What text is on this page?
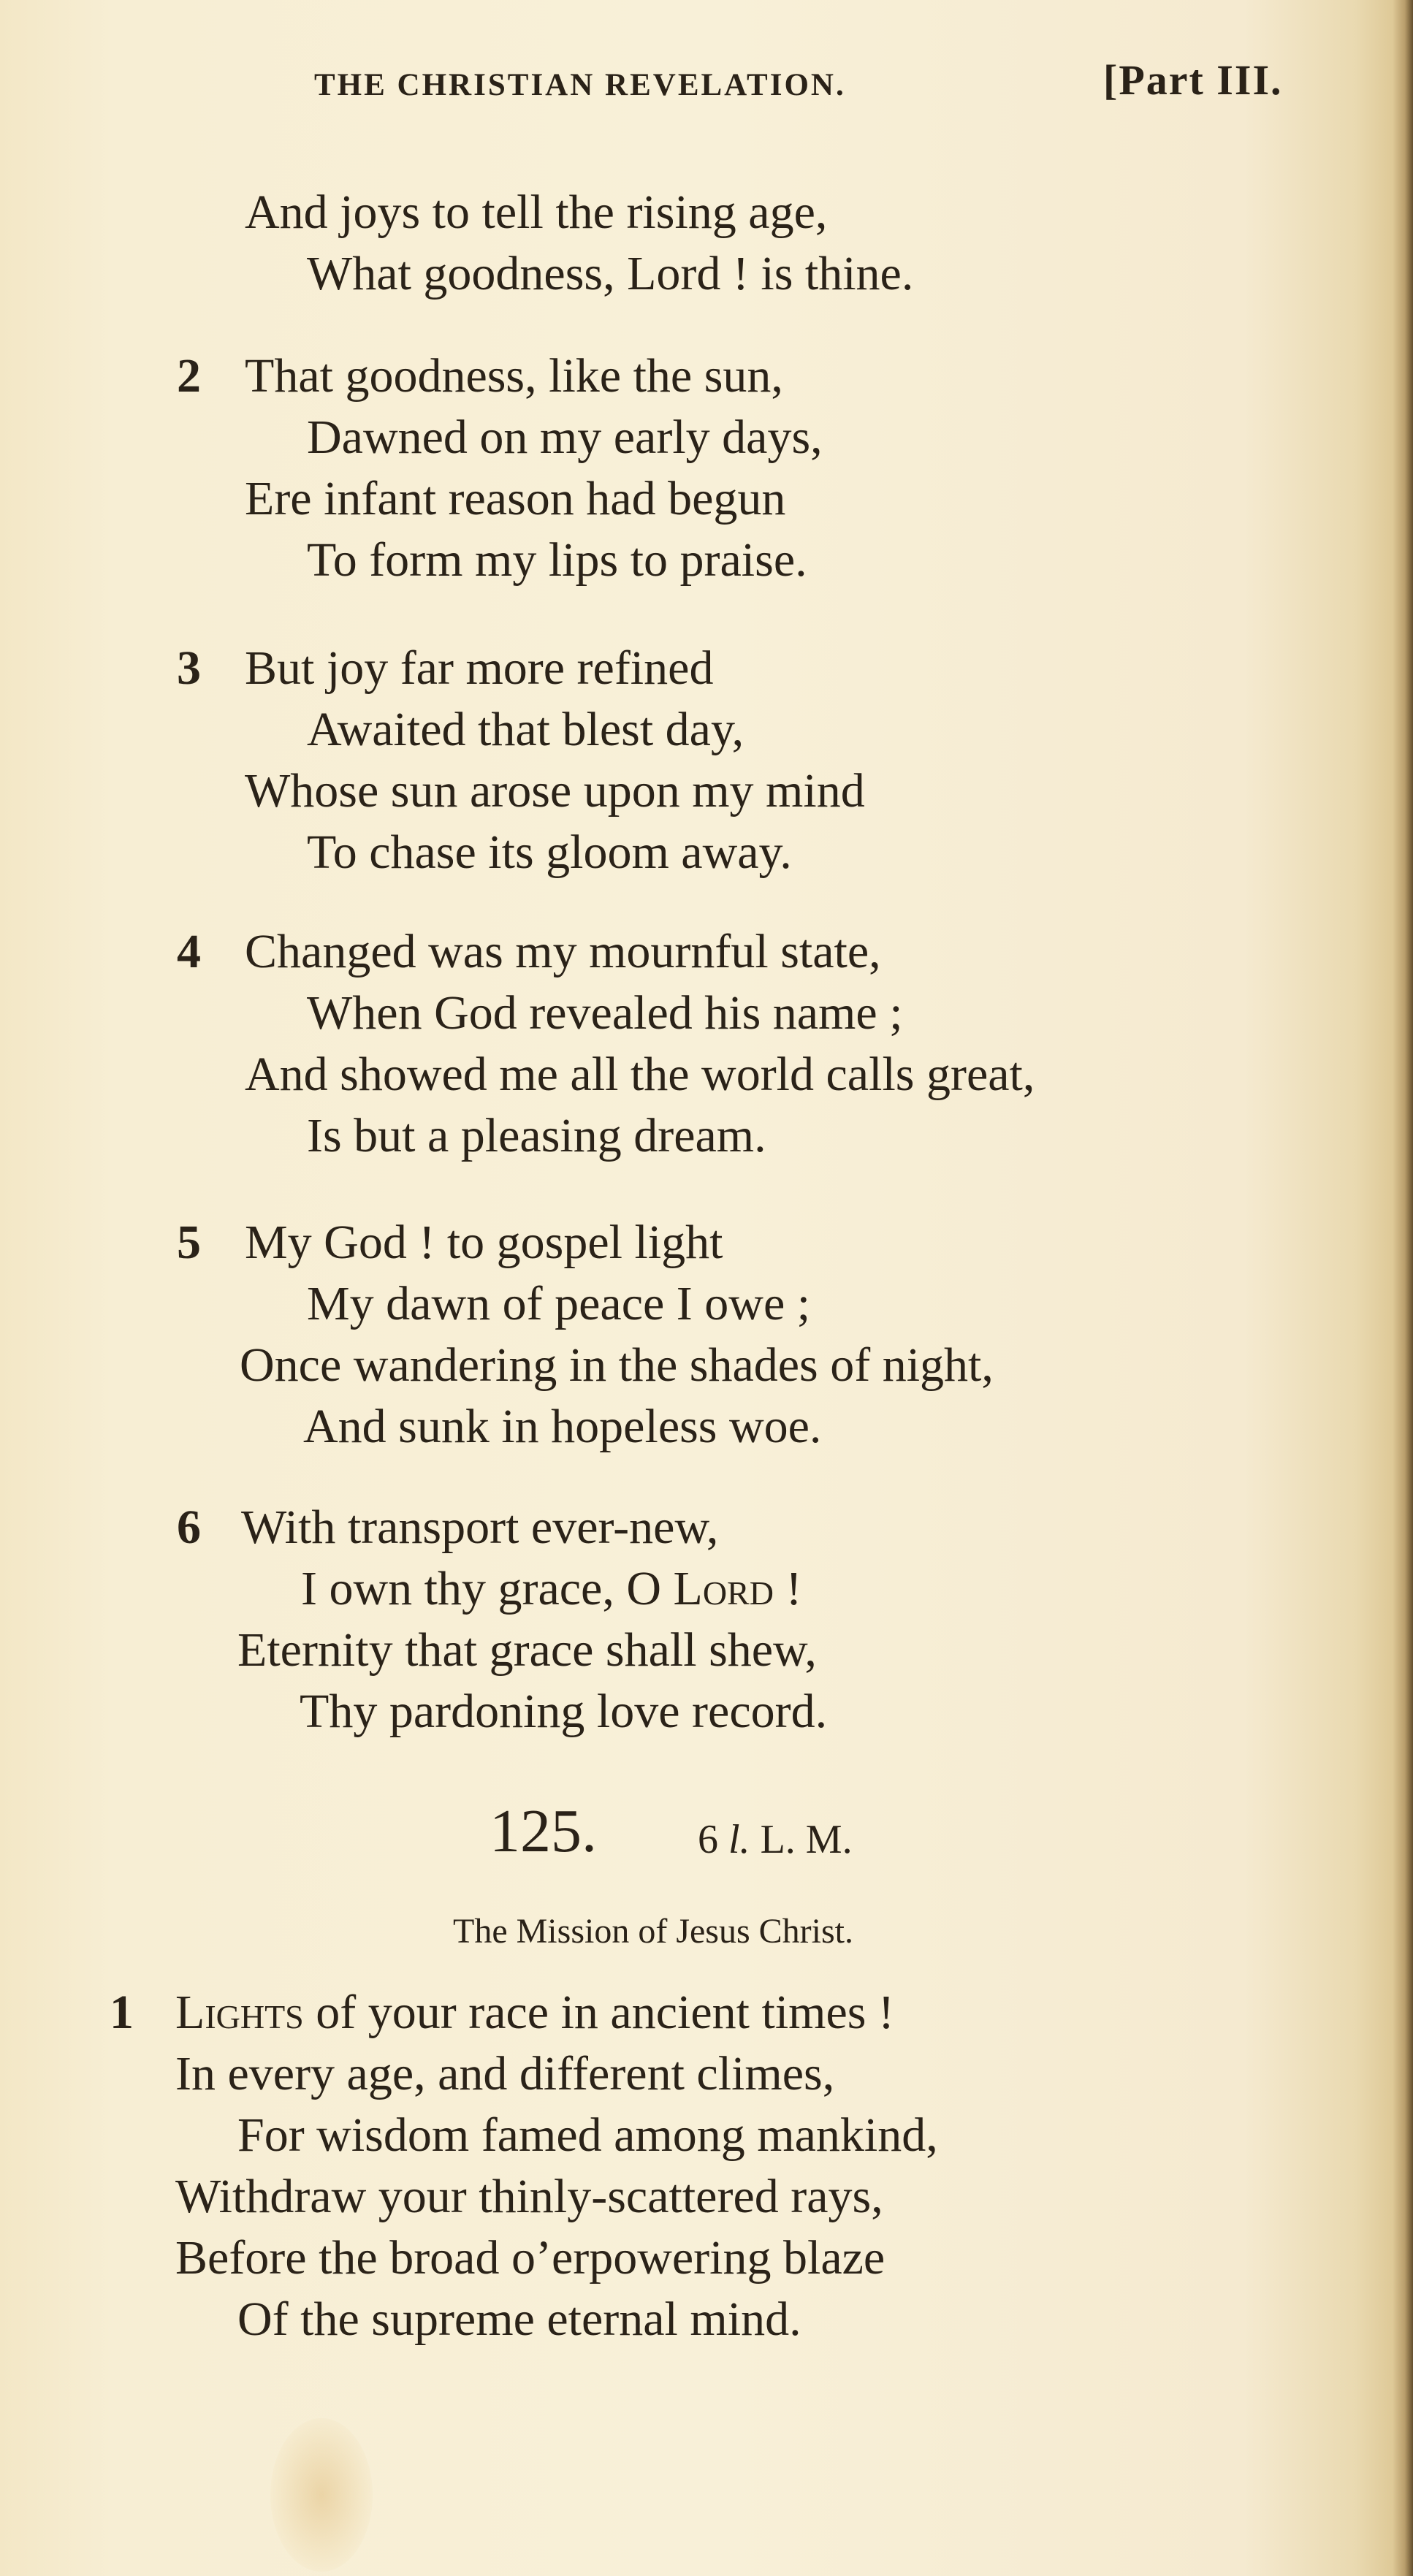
THE CHRISTIAN REVELATION.	[Part III.
And joys to tell the rising age,
What goodness, Lord ! is thine.
2 That goodness, like the sun,
Dawned on my early days,
Ere infant reason had begun
To form my lips to praise.
3 But joy far more refined
Awaited that blest day,
Whose sun arose upon my mind
To chase its gloom away.
4 Changed was my mournful state,
When God revealed his name ;
And showed me all the world calls great,
Is but a pleasing dream.
5 My God ! to gospel light
My dawn of peace I owe ;
Once wandering in the shades of night,
And sunk in hopeless woe.
6 With transport ever-new,
I own thy grace, O Lord !
Eternity that grace shall shew,
Thy pardoning love record.
125. 6 l. L. M.
The Mission of Jesus Christ.
1 Lights of your race in ancient times !
In every age, and different climes,
For wisdom famed among mankind,
Withdraw your thinly-scattered rays,
Before the broad o’erpowering blaze
Of the supreme eternal mind.
